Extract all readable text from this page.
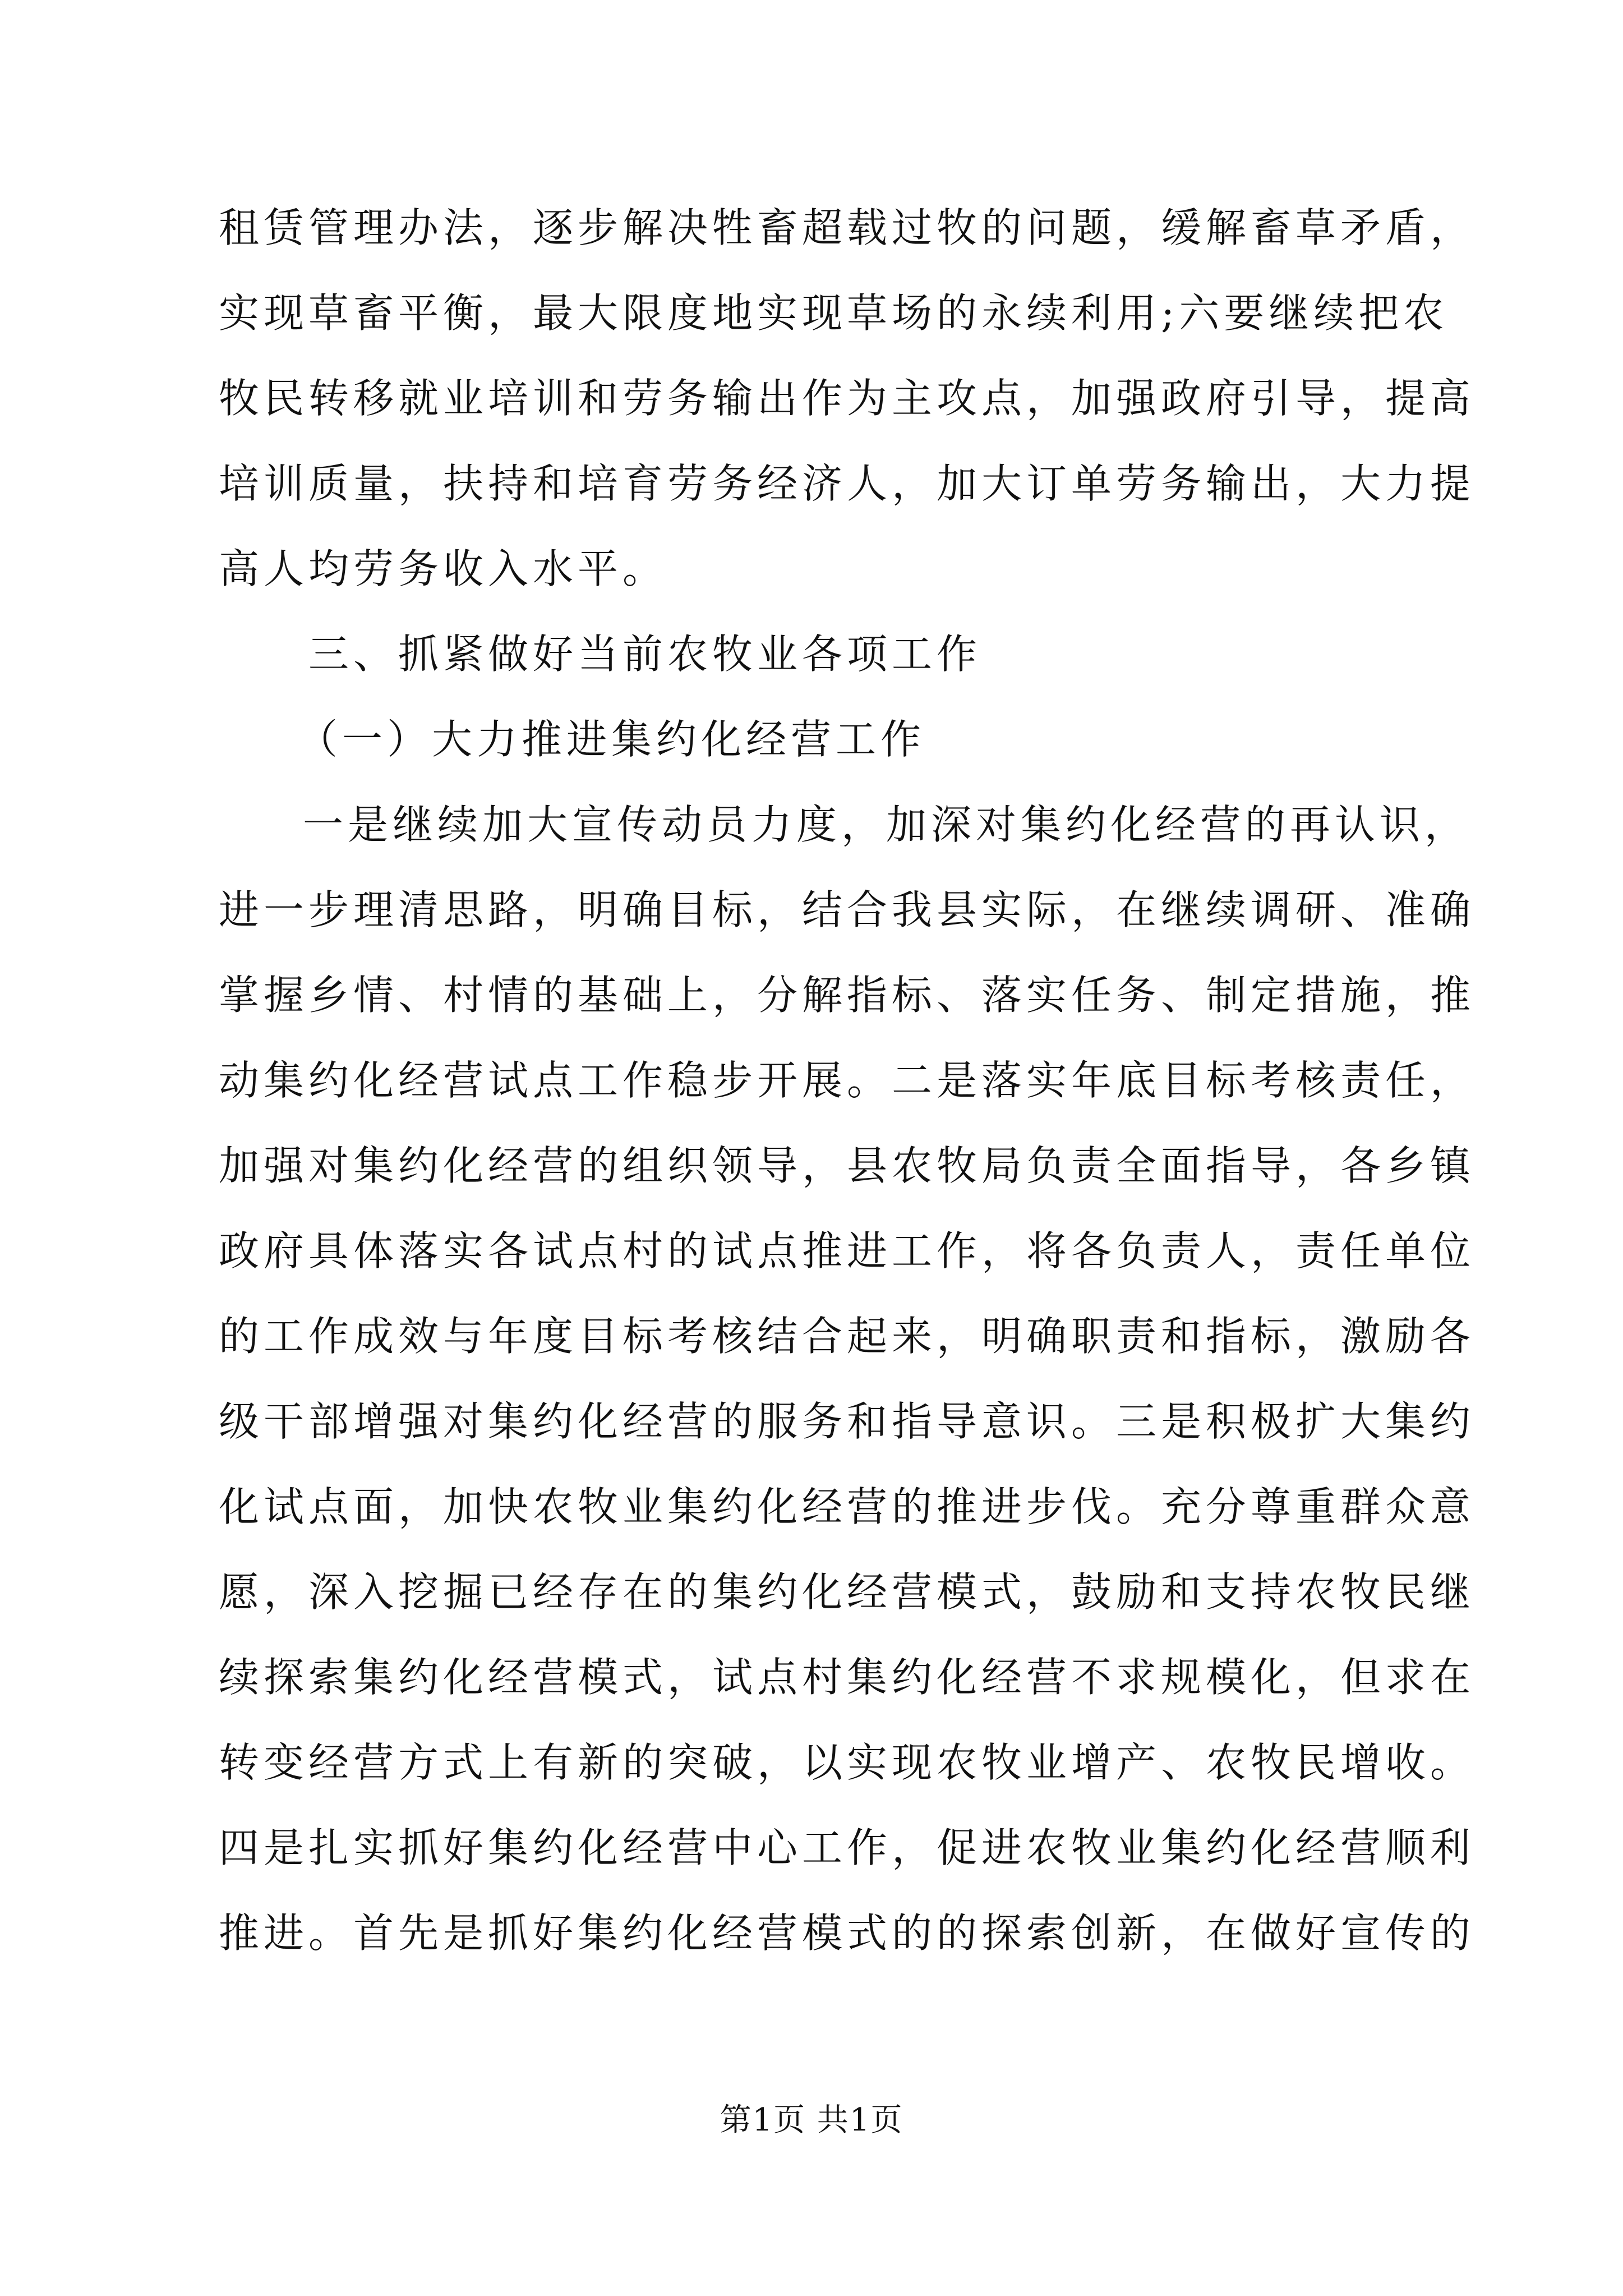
租赁管理办法，逐步解决牲畜超载过牧的问题，缓解畜草矛盾，
实现草畜平衡，最大限度地实现草场的永续利用;六要继续把农
牧民转移就业培训和劳务输出作为主攻点，加强政府引导，提高
培训质量，扶持和培育劳务经济人，加大订单劳务输出，大力提
高人均劳务收入水平。
三、抓紧做好当前农牧业各项工作
（一）大力推进集约化经营工作
一是继续加大宣传动员力度，加深对集约化经营的再认识，
进一步理清思路，明确目标，结合我县实际，在继续调研、准确
掌握乡情、村情的基础上，分解指标、落实任务、制定措施，推
动集约化经营试点工作稳步开展。二是落实年底目标考核责任，
加强对集约化经营的组织领导，县农牧局负责全面指导，各乡镇
政府具体落实各试点村的试点推进工作，将各负责人，责任单位
的工作成效与年度目标考核结合起来，明确职责和指标，激励各
级干部增强对集约化经营的服务和指导意识。三是积极扩大集约
化试点面，加快农牧业集约化经营的推进步伐。充分尊重群众意
愿，深入挖掘已经存在的集约化经营模式，鼓励和支持农牧民继
续探索集约化经营模式，试点村集约化经营不求规模化，但求在
转变经营方式上有新的突破，以实现农牧业增产、农牧民增收。
四是扎实抓好集约化经营中心工作，促进农牧业集约化经营顺利
推进。首先是抓好集约化经营模式的的探索创新，在做好宣传的
第1页 共1页
